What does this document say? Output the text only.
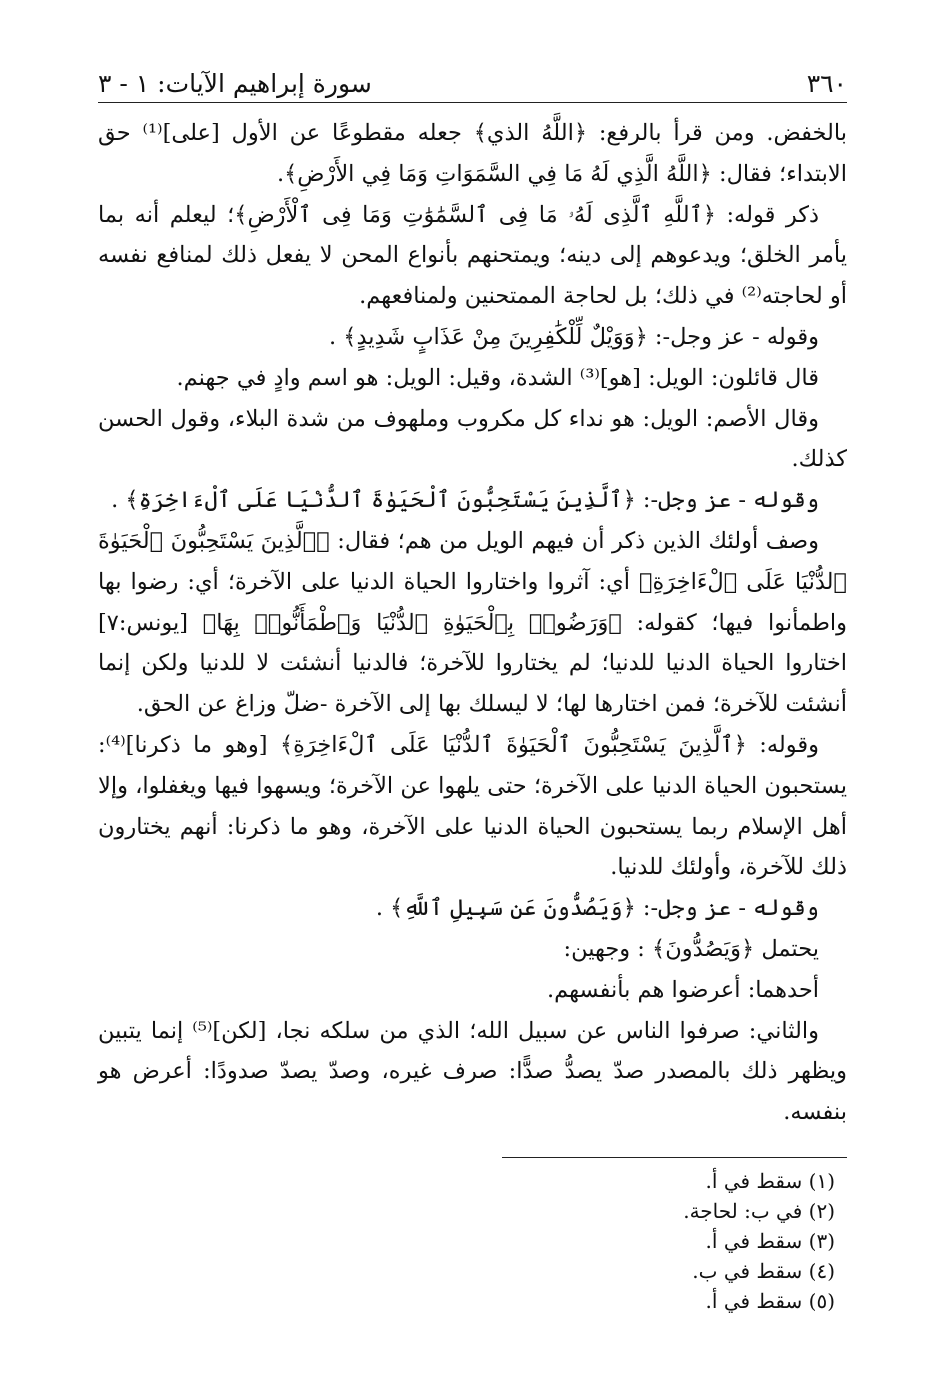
٣٦٠
سورة إبراهيم الآيات: ١ - ٣

بالخفض. ومن قرأ بالرفع: ﴿اللَّهُ الذي﴾ جعله مقطوعًا عن الأول [على]⁽¹⁾ حق الابتداء؛ فقال: ﴿اللَّهُ الَّذِي لَهُ مَا فِي السَّمَوَاتِ وَمَا فِي الأَرْضِ﴾.

ذكر قوله: ﴿ٱللَّهِ ٱلَّذِى لَهُۥ مَا فِى ٱلسَّمَٰوَٰتِ وَمَا فِى ٱلْأَرْضِ﴾؛ ليعلم أنه بما يأمر الخلق؛ ويدعوهم إلى دينه؛ ويمتحنهم بأنواع المحن لا يفعل ذلك لمنافع نفسه أو لحاجته⁽²⁾ في ذلك؛ بل لحاجة الممتحنين ولمنافعهم.

وقوله - عز وجل-: ﴿وَوَيْلٌ لِّلْكَٰفِرِينَ مِنْ عَذَابٍ شَدِيدٍ﴾ .

قال قائلون: الويل: [هو]⁽³⁾ الشدة، وقيل: الويل: هو اسم وادٍ في جهنم.

وقال الأصم: الويل: هو نداء كل مكروب وملهوف من شدة البلاء، وقول الحسن كذلك.

وقوله - عز وجل-: ﴿ٱلَّذِينَ يَسْتَحِبُّونَ ٱلْحَيَوٰةَ ٱلدُّنْيَا عَلَى ٱلْءَاخِرَةِ﴾ .

وصف أولئك الذين ذكر أن فيهم الويل من هم؛ فقال: ﴿ٱلَّذِينَ يَسْتَحِبُّونَ ٱلْحَيَوٰةَ ٱلدُّنْيَا عَلَى ٱلْءَاخِرَةِ﴾ أي: آثروا واختاروا الحياة الدنيا على الآخرة؛ أي: رضوا بها واطمأنوا فيها؛ كقوله: ﴿وَرَضُوا۟ بِٱلْحَيَوٰةِ ٱلدُّنْيَا وَٱطْمَأَنُّوا۟ بِهَا﴾ [يونس:٧] اختاروا الحياة الدنيا للدنيا؛ لم يختاروا للآخرة؛ فالدنيا أنشئت لا للدنيا ولكن إنما أنشئت للآخرة؛ فمن اختارها لها؛ لا ليسلك بها إلى الآخرة -ضلّ وزاغ عن الحق.

وقوله: ﴿ٱلَّذِينَ يَسْتَحِبُّونَ ٱلْحَيَوٰةَ ٱلدُّنْيَا عَلَى ٱلْءَاخِرَةِ﴾ [وهو ما ذكرنا]⁽⁴⁾: يستحبون الحياة الدنيا على الآخرة؛ حتى يلهوا عن الآخرة؛ ويسهوا فيها ويغفلوا، وإلا أهل الإسلام ربما يستحبون الحياة الدنيا على الآخرة، وهو ما ذكرنا: أنهم يختارون ذلك للآخرة، وأولئك للدنيا.

وقوله - عز وجل-: ﴿وَيَصُدُّونَ عَن سَبِيلِ ٱللَّهِ﴾ .

يحتمل ﴿وَيَصُدُّونَ﴾ : وجهين:

أحدهما: أعرضوا هم بأنفسهم.

والثاني: صرفوا الناس عن سبيل الله؛ الذي من سلكه نجا، [لكن]⁽⁵⁾ إنما يتبين ويظهر ذلك بالمصدر صدّ يصدُّ صدًّا: صرف غيره، وصدّ يصدّ صدودًا: أعرض هو بنفسه.

(١) سقط في أ.

(٢) في ب: لحاجة.

(٣) سقط في أ.

(٤) سقط في ب.

(٥) سقط في أ.
